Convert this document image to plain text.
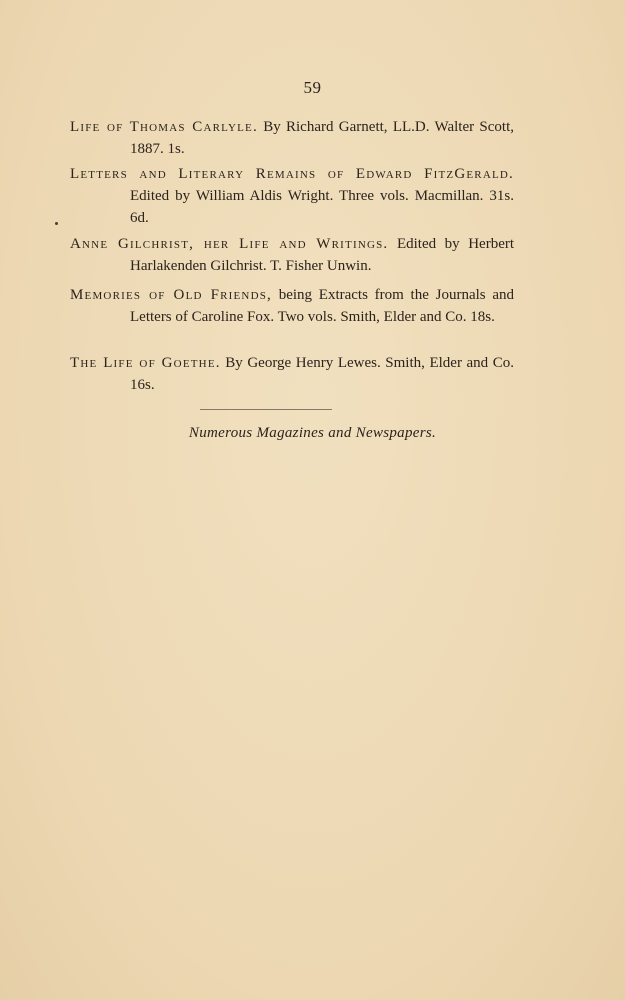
59

Life of Thomas Carlyle. By Richard Garnett, LL.D. Walter Scott, 1887. 1s.

Letters and Literary Remains of Edward FitzGerald. Edited by William Aldis Wright. Three vols. Macmillan. 31s. 6d.

Anne Gilchrist, her Life and Writings. Edited by Herbert Harlakenden Gilchrist. T. Fisher Unwin.

Memories of Old Friends, being Extracts from the Journals and Letters of Caroline Fox. Two vols. Smith, Elder and Co. 18s.

The Life of Goethe. By George Henry Lewes. Smith, Elder and Co. 16s.

Numerous Magazines and Newspapers.
